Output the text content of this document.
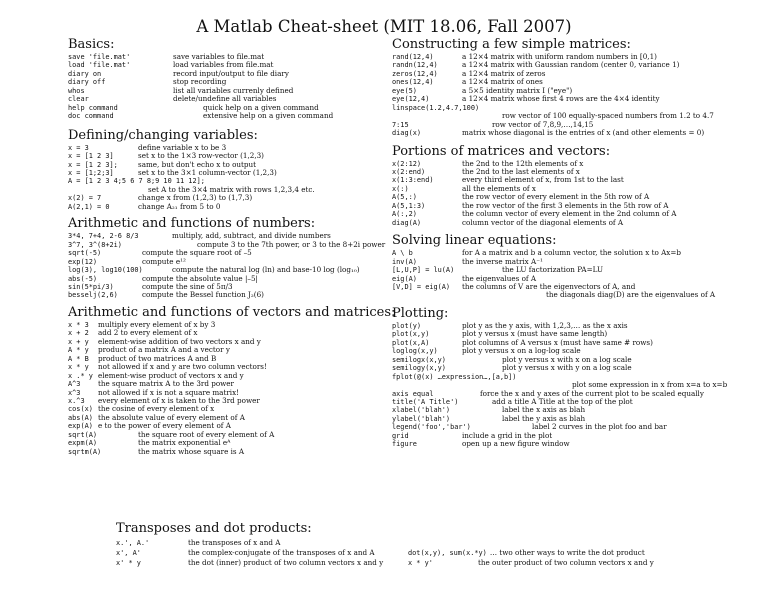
A Matlab Cheat-sheet (MIT 18.06, Fall 2007)
Basics:
save 'file.mat'	save variables to file.mat
load 'file.mat'	load variables from file.mat
diary on	record input/output to file diary
diary off	stop recording
whos	list all variables currenly defined
clear	delete/undefine all variables
help command	quick help on a given command
doc command	extensive help on a given command
Defining/changing variables:
x = 3	define variable x to be 3
x = [1 2 3]	set x to the 1×3 row-vector (1,2,3)
x = [1 2 3];	same, but don't echo x to output
x = [1;2;3]	set x to the 3×1 column-vector (1,2,3)
A = [1 2 3 4;5 6 7 8;9 10 11 12];
set A to the 3×4 matrix with rows 1,2,3,4 etc.
x(2) = 7	change x from (1,2,3) to (1,7,3)
A(2,1) = 0	change A₂₁ from 5 to 0
Arithmetic and functions of numbers:
3*4, 7+4, 2-6 8/3	multiply, add, subtract, and divide numbers
3^7, 3^(8+2i)	compute 3 to the 7th power, or 3 to the 8+2i power
sqrt(-5)	compute the square root of –5
exp(12)	compute e¹²
log(3), log10(100)	compute the natural log (ln) and base-10 log (log₁₀)
abs(-5)	compute the absolute value |–5|
sin(5*pi/3)	compute the sine of 5π/3
besselj(2,6)	compute the Bessel function J₂(6)
Arithmetic and functions of vectors and matrices:
x * 3	multiply every element of x by 3
x + 2	add 2 to every element of x
x + y	element-wise addition of two vectors x and y
A * y	product of a matrix A and a vector y
A * B	product of two matrices A and B
x * y	not allowed if x and y are two column vectors!
x .* y element-wise product of vectors x and y
A^3	the square matrix A to the 3rd power
x^3	not allowed if x is not a square matrix!
x.^3	every element of x is taken to the 3rd power
cos(x) the cosine of every element of x
abs(A) the absolute value of every element of A
exp(A) e to the power of every element of A
sqrt(A)	the square root of every element of A
expm(A)	the matrix exponential eᴬ
sqrtm(A)	the matrix whose square is A
Constructing a few simple matrices:
rand(12,4)	a 12×4 matrix with uniform random numbers in [0,1)
randn(12,4)	a 12×4 matrix with Gaussian random (center 0, variance 1)
zeros(12,4)	a 12×4 matrix of zeros
ones(12,4)	a 12×4 matrix of ones
eye(5)	a 5×5 identity matrix I ("eye")
eye(12,4)	a 12×4 matrix whose first 4 rows are the 4×4 identity
linspace(1.2,4.7,100)
row vector of 100 equally-spaced numbers from 1.2 to 4.7
7:15	row vector of 7,8,9,…,14,15
diag(x)	matrix whose diagonal is the entries of x (and other elements = 0)
Portions of matrices and vectors:
x(2:12)	the 2nd to the 12th elements of x
x(2:end)	the 2nd to the last elements of x
x(1:3:end)	every third element of x, from 1st to the last
x(:)	all the elements of x
A(5,:)	the row vector of every element in the 5th row of A
A(5,1:3)	the row vector of the first 3 elements in the 5th row of A
A(:,2)	the column vector of every element in the 2nd column of A
diag(A)	column vector of the diagonal elements of A
Solving linear equations:
A \ b	for A a matrix and b a column vector, the solution x to Ax=b
inv(A)	the inverse matrix A⁻¹
[L,U,P] = lu(A)	the LU factorization PA=LU
eig(A)	the eigenvalues of A
[V,D] = eig(A)	the columns of V are the eigenvectors of A, and
the diagonals diag(D) are the eigenvalues of A
Plotting:
plot(y)	plot y as the y axis, with 1,2,3,… as the x axis
plot(x,y)	plot y versus x (must have same length)
plot(x,A)	plot columns of A versus x (must have same # rows)
loglog(x,y)	plot y versus x on a log-log scale
semilogx(x,y)	plot y versus x with x on a log scale
semilogy(x,y)	plot y versus x with y on a log scale
fplot(@(x) …expression…,[a,b])
plot some expression in x from x=a to x=b
axis equal	force the x and y axes of the current plot to be scaled equally
title('A Title')	add a title A Title at the top of the plot
xlabel('blah')	label the x axis as blah
ylabel('blah')	label the y axis as blah
legend('foo','bar')	label 2 curves in the plot foo and bar
grid	include a grid in the plot
figure	open up a new figure window
Transposes and dot products:
x.', A.'	the transposes of x and A
x', A'	the complex-conjugate of the transposes of x and A	dot(x,y), sum(x.*y) … two other ways to write the dot product
x' * y	the dot (inner) product of two column vectors x and y	x * y'	the outer product of two column vectors x and y
